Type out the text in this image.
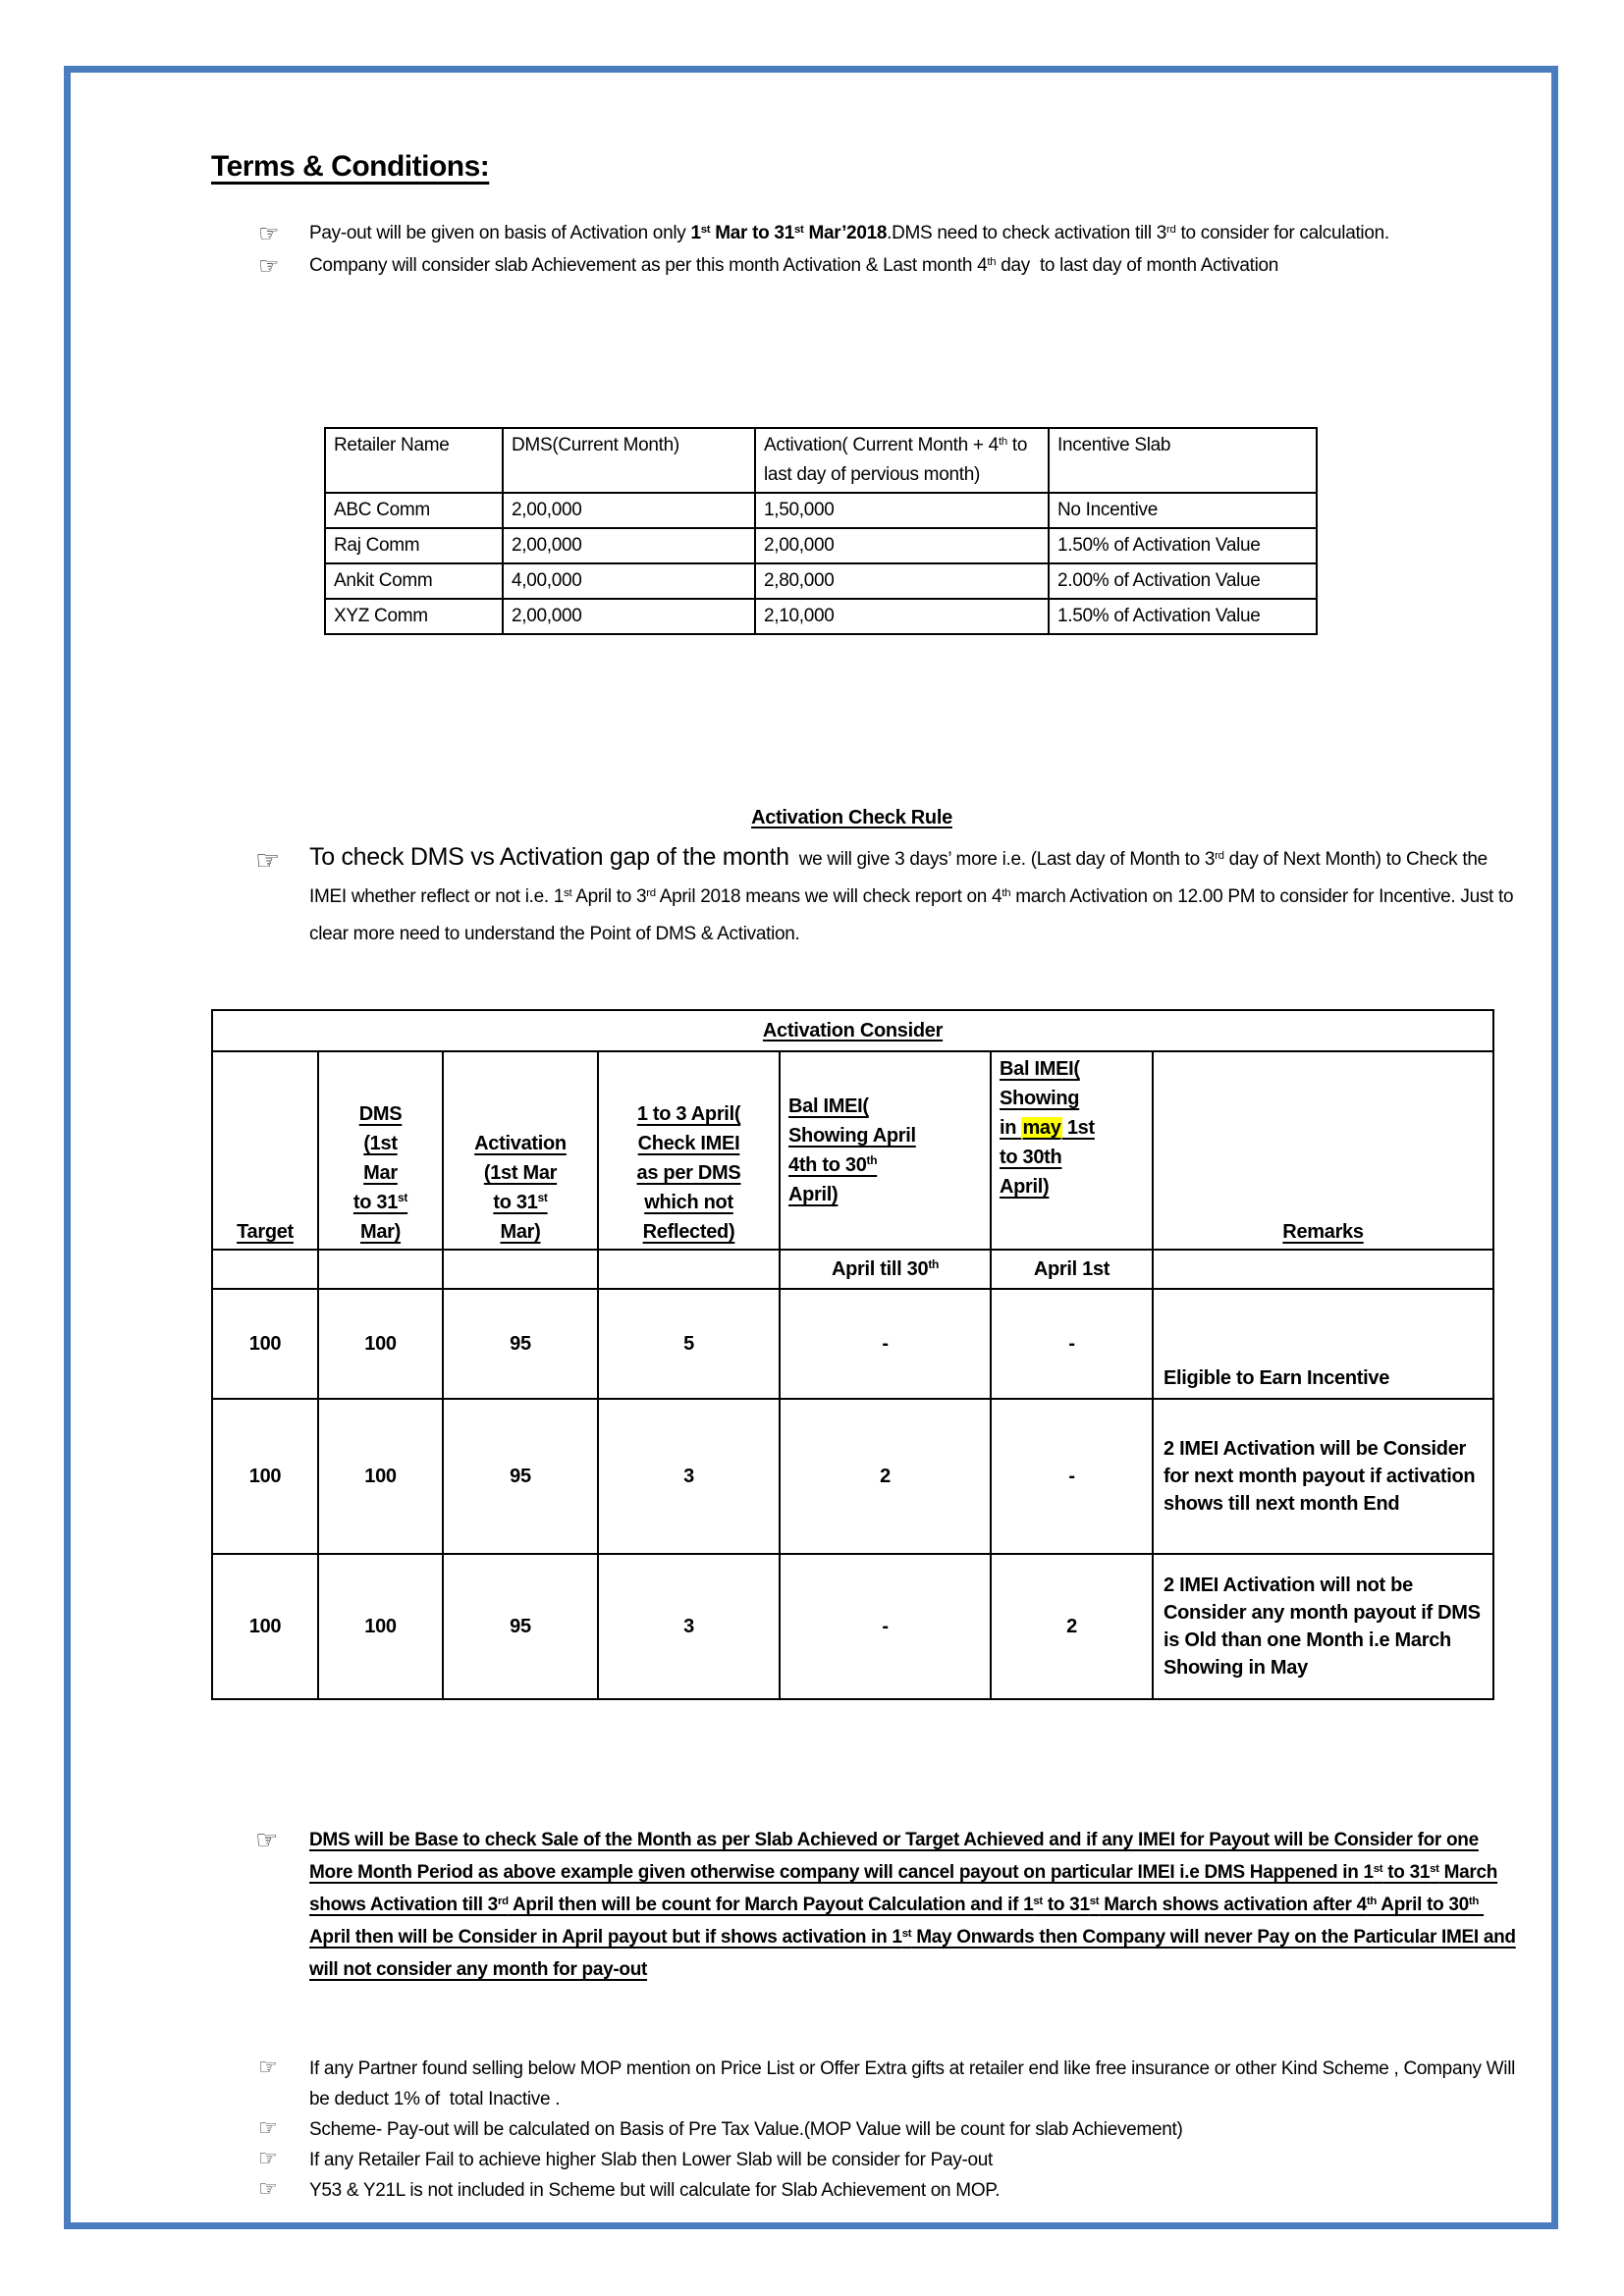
Terms & Conditions:
☞	Pay-out will be given on basis of Activation only 1st Mar to 31st Mar’2018.DMS need to check activation till 3rd to consider for calculation.
☞	Company will consider slab Achievement as per this month Activation & Last month 4th day  to last day of month Activation
Retailer Name	DMS(Current Month)	Activation( Current Month + 4th to last day of pervious month)	Incentive Slab
ABC Comm	2,00,000	1,50,000	No Incentive
Raj Comm	2,00,000	2,00,000	1.50% of Activation Value
Ankit Comm	4,00,000	2,80,000	2.00% of Activation Value
XYZ Comm	2,00,000	2,10,000	1.50% of Activation Value
Activation Check Rule
☞	To check DMS vs Activation gap of the month  we will give 3 days’ more i.e. (Last day of Month to 3rd day of Next Month) to Check the IMEI whether reflect or not i.e. 1st April to 3rd April 2018 means we will check report on 4th march Activation on 12.00 PM to consider for Incentive. Just to clear more need to understand the Point of DMS & Activation.
Activation Consider						

Target	DMS
(1st
Mar
to 31st
Mar)	Activation
(1st Mar
to 31st
Mar)	1 to 3 April(
Check IMEI
as per DMS
which not
Reflected)	Bal IMEI(
Showing April
4th to 30th
April)	Bal IMEI(
Showing
in may 1st
to 30th
April)	Remarks

				April till 30th	April 1st	
100	100	95	5	-	-	Eligible to Earn Incentive
100	100	95	3	2	-	2 IMEI Activation will be Consider for next month payout if activation shows till next month End
100	100	95	3	-	2	2 IMEI Activation will not be Consider any month payout if DMS is Old than one Month i.e March Showing in May
☞	DMS will be Base to check Sale of the Month as per Slab Achieved or Target Achieved and if any IMEI for Payout will be Consider for one More Month Period as above example given otherwise company will cancel payout on particular IMEI i.e DMS Happened in 1st to 31st March shows Activation till 3rd April then will be count for March Payout Calculation and if 1st to 31st March shows activation after 4th April to 30th  April then will be Consider in April payout but if shows activation in 1st May Onwards then Company will never Pay on the Particular IMEI and will not consider any month for pay-out
☞	If any Partner found selling below MOP mention on Price List or Offer Extra gifts at retailer end like free insurance or other Kind Scheme , Company Will be deduct 1% of  total Inactive .
☞	Scheme- Pay-out will be calculated on Basis of Pre Tax Value.(MOP Value will be count for slab Achievement)
☞	If any Retailer Fail to achieve higher Slab then Lower Slab will be consider for Pay-out
☞	Y53 & Y21L is not included in Scheme but will calculate for Slab Achievement on MOP.
